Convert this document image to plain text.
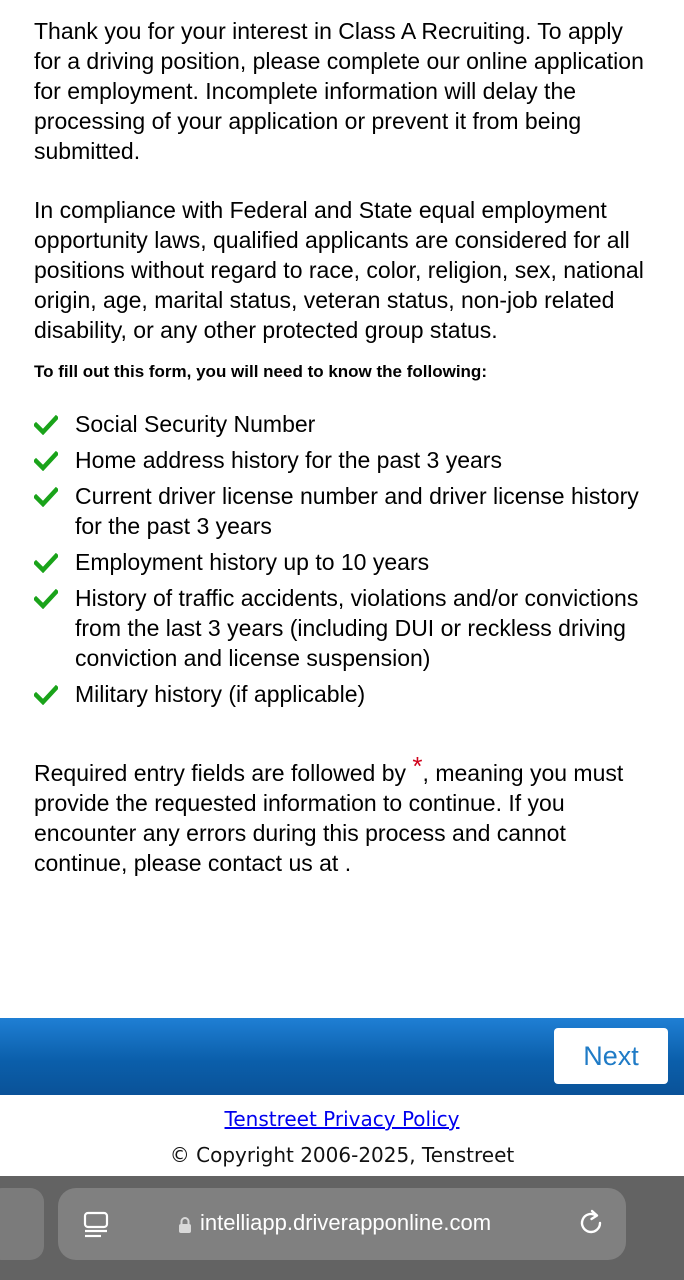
Thank you for your interest in Class A Recruiting. To apply for a driving position, please complete our online application for employment. Incomplete information will delay the processing of your application or prevent it from being submitted.

In compliance with Federal and State equal employment opportunity laws, qualified applicants are considered for all positions without regard to race, color, religion, sex, national origin, age, marital status, veteran status, non-job related disability, or any other protected group status.

To fill out this form, you will need to know the following:
Social Security Number
Home address history for the past 3 years
Current driver license number and driver license history for the past 3 years
Employment history up to 10 years
History of traffic accidents, violations and/or convictions from the last 3 years (including DUI or reckless driving conviction and license suspension)
Military history (if applicable)
Required entry fields are followed by *, meaning you must provide the requested information to continue. If you encounter any errors during this process and cannot continue, please contact us at .
Next
Tenstreet Privacy Policy
© Copyright 2006-2025, Tenstreet
intelliapp.driverapponline.com
